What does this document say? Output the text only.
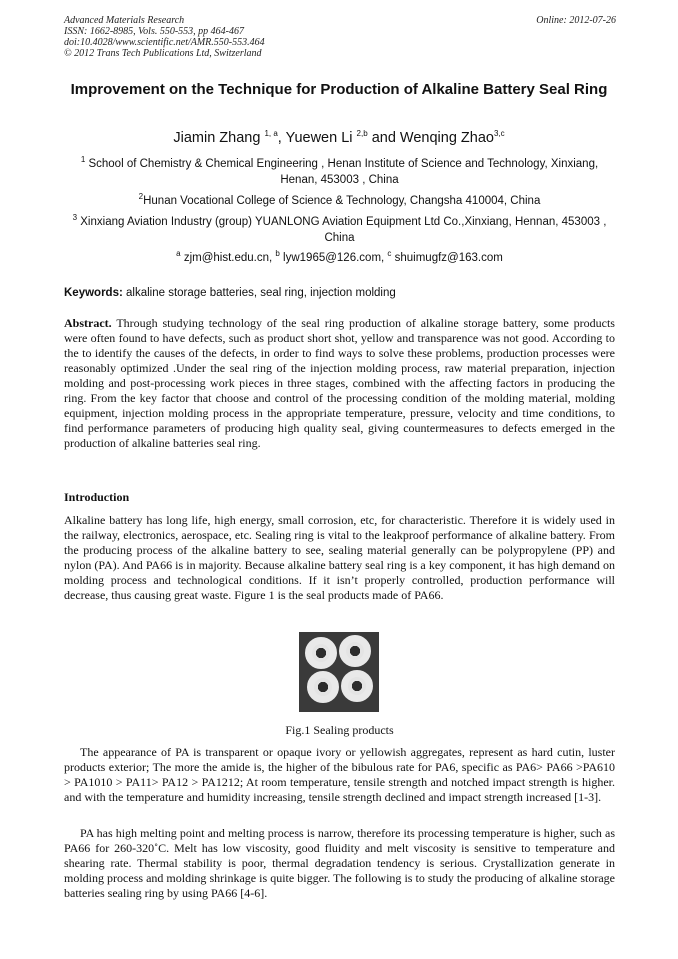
Advanced Materials Research
ISSN: 1662-8985, Vols. 550-553, pp 464-467
doi:10.4028/www.scientific.net/AMR.550-553.464
© 2012 Trans Tech Publications Ltd, Switzerland
Online: 2012-07-26
Improvement on the Technique for Production of Alkaline Battery Seal Ring
Jiamin Zhang $^{1, a}$, Yuewen Li $^{2,b}$ and Wenqing Zhao$^{3,c}$
$^1$ School of Chemistry & Chemical Engineering , Henan Institute of Science and Technology, Xinxiang, Henan, 453003 , China
$^2$Hunan Vocational College of Science & Technology, Changsha 410004, China
$^3$ Xinxiang Aviation Industry (group) YUANLONG Aviation Equipment Ltd Co.,Xinxiang, Hennan, 453003 , China
$^a$ zjm@hist.edu.cn, $^b$ lyw1965@126.com, $^c$ shuimugfz@163.com
Keywords: alkaline storage batteries, seal ring, injection molding
Abstract. Through studying technology of the seal ring production of alkaline storage battery, some products were often found to have defects, such as product short shot, yellow and transparence was not good. According to the to identify the causes of the defects, in order to find ways to solve these problems, production processes were reasonably optimized .Under the seal ring of the injection molding process, raw material preparation, injection molding and post-processing work pieces in three stages, combined with the affecting factors in producing the ring. From the key factor that choose and control of the processing condition of the molding material, molding equipment, injection molding process in the appropriate temperature, pressure, velocity and time conditions, to find performance parameters of producing high quality seal, giving countermeasures to defects emerged in the production of alkaline batteries seal ring.
Introduction
Alkaline battery has long life, high energy, small corrosion, etc, for characteristic. Therefore it is widely used in the railway, electronics, aerospace, etc. Sealing ring is vital to the leakproof performance of alkaline battery. From the producing process of the alkaline battery to see, sealing material generally can be polypropylene (PP) and nylon (PA). And PA66 is in majority. Because alkaline battery seal ring is a key component, it has high demand on molding process and technological conditions. If it isn’t properly controlled, production performance will decrease, thus causing great waste. Figure 1 is the seal products made of PA66.
Fig.1 Sealing products
The appearance of PA is transparent or opaque ivory or yellowish aggregates, represent as hard cutin, luster products exterior; The more the amide is, the higher of the bibulous rate for PA6, specific as PA6> PA66 >PA610 > PA1010 > PA11> PA12 > PA1212; At room temperature, tensile strength and notched impact strength is higher. and with the temperature and humidity increasing, tensile strength declined and impact strength increased [1-3].
PA has high melting point and melting process is narrow, therefore its processing temperature is higher, such as PA66 for 260-320˚C. Melt has low viscosity, good fluidity and melt viscosity is sensitive to temperature and shearing rate. Thermal stability is poor, thermal degradation tendency is serious. Crystallization generate in molding process and molding shrinkage is quite bigger. The following is to study the producing of alkaline storage batteries sealing ring by using PA66 [4-6].
